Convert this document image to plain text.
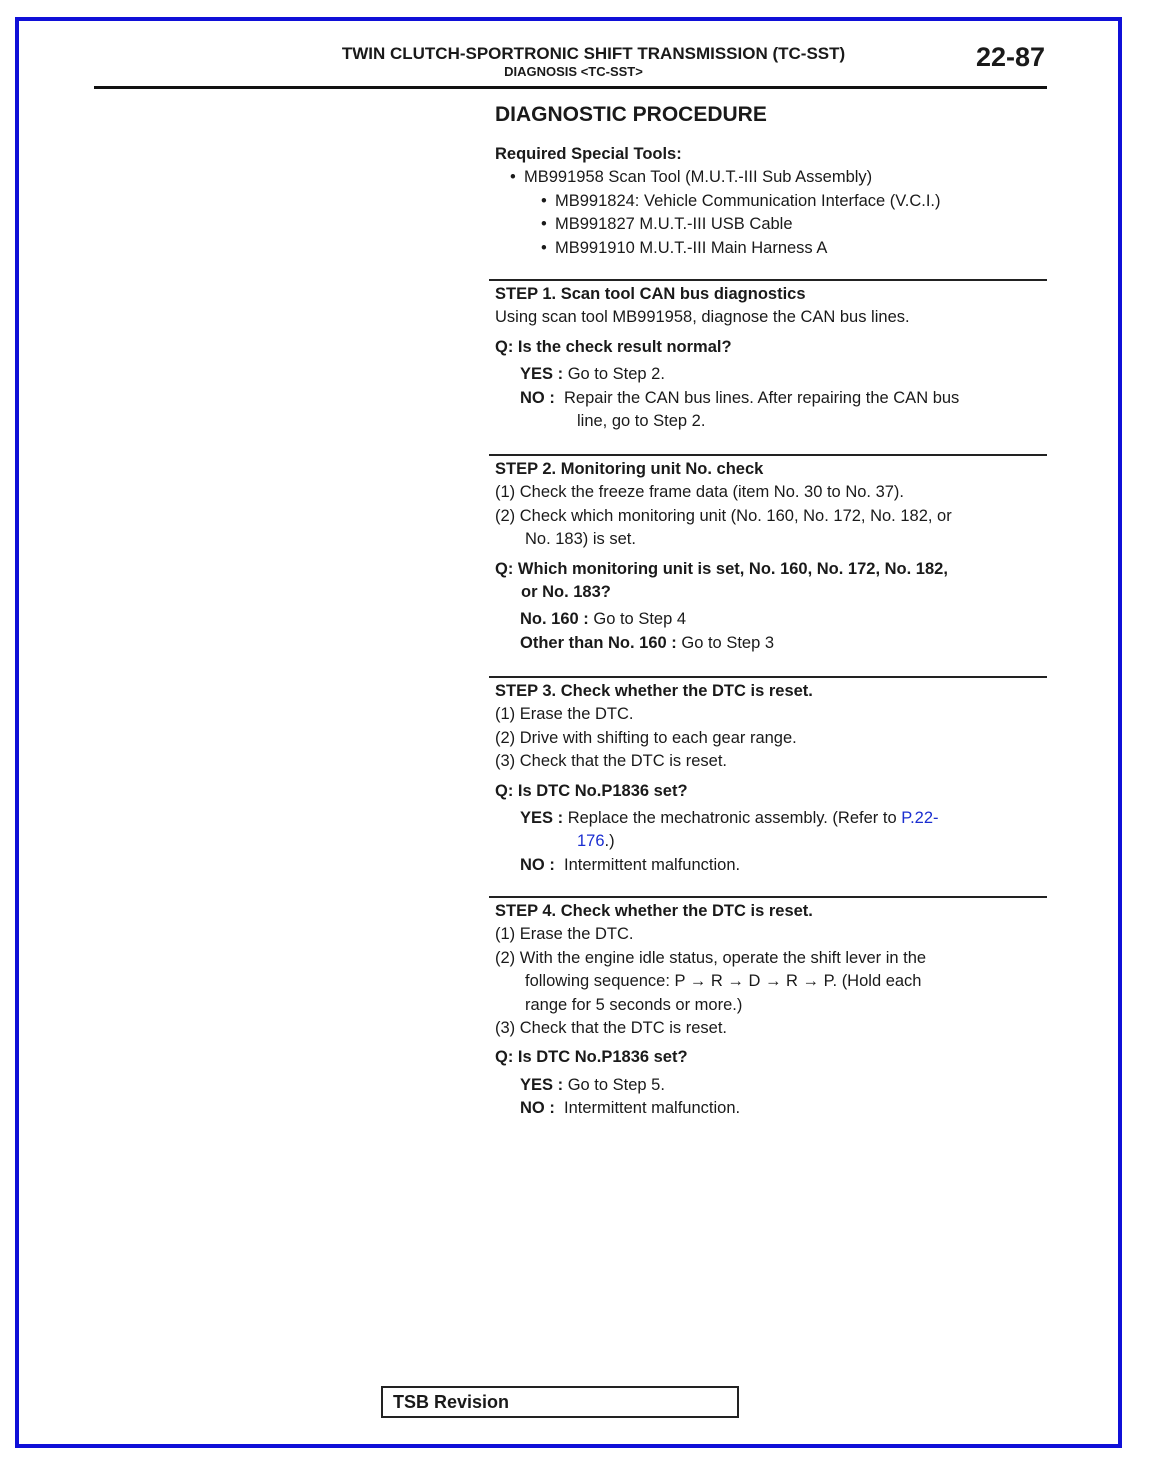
TWIN CLUTCH-SPORTRONIC SHIFT TRANSMISSION (TC-SST)
DIAGNOSIS <TC-SST>	22-87
DIAGNOSTIC PROCEDURE
Required Special Tools:
• MB991958 Scan Tool (M.U.T.-III Sub Assembly)
• MB991824: Vehicle Communication Interface (V.C.I.)
• MB991827 M.U.T.-III USB Cable
• MB991910 M.U.T.-III Main Harness A
STEP 1. Scan tool CAN bus diagnostics
Using scan tool MB991958, diagnose the CAN bus lines.
Q: Is the check result normal?
YES : Go to Step 2.
NO : Repair the CAN bus lines. After repairing the CAN bus
line, go to Step 2.
STEP 2. Monitoring unit No. check
(1) Check the freeze frame data (item No. 30 to No. 37).
(2) Check which monitoring unit (No. 160, No. 172, No. 182, or
No. 183) is set.
Q: Which monitoring unit is set, No. 160, No. 172, No. 182,
or No. 183?
No. 160 : Go to Step 4
Other than No. 160 : Go to Step 3
STEP 3. Check whether the DTC is reset.
(1) Erase the DTC.
(2) Drive with shifting to each gear range.
(3) Check that the DTC is reset.
Q: Is DTC No.P1836 set?
YES : Replace the mechatronic assembly. (Refer to P.22-
176.)
NO : Intermittent malfunction.
STEP 4. Check whether the DTC is reset.
(1) Erase the DTC.
(2) With the engine idle status, operate the shift lever in the
following sequence: P → R → D → R → P. (Hold each
range for 5 seconds or more.)
(3) Check that the DTC is reset.
Q: Is DTC No.P1836 set?
YES : Go to Step 5.
NO : Intermittent malfunction.
TSB Revision
